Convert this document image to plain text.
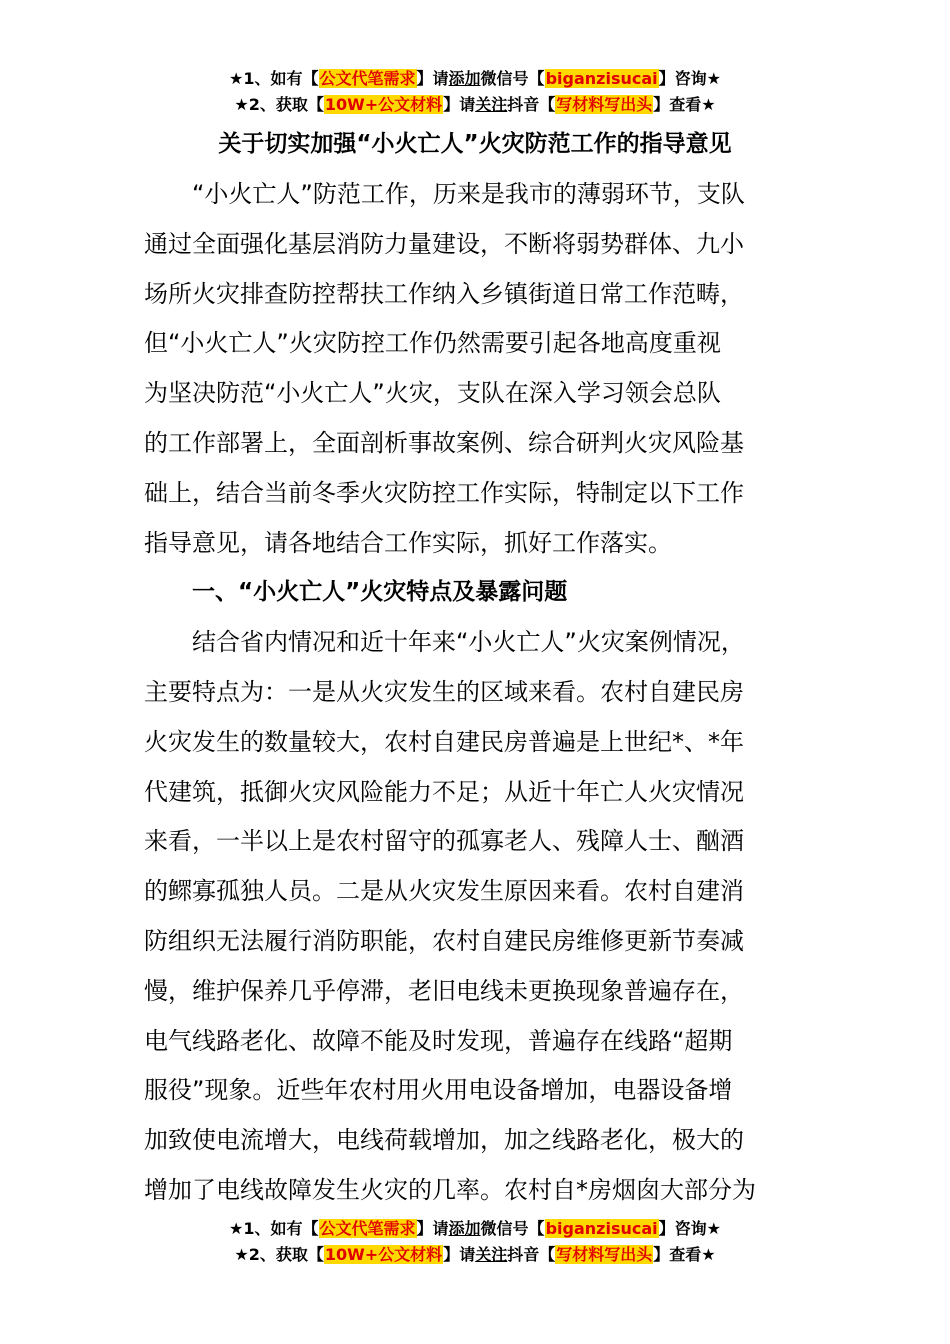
★1、如有【公文代笔需求】请添加微信号【biganzisucai】咨询★
★2、获取【10W+公文材料】请关注抖音【写材料写出头】查看★
关于切实加强“小火亡人”火灾防范工作的指导意见
“小火亡人”防范工作，历来是我市的薄弱环节，支队
通过全面强化基层消防力量建设，不断将弱势群体、九小
场所火灾排查防控帮扶工作纳入乡镇街道日常工作范畴，
但“小火亡人”火灾防控工作仍然需要引起各地高度重视
为坚决防范“小火亡人”火灾，支队在深入学习领会总队
的工作部署上，全面剖析事故案例、综合研判火灾风险基
础上，结合当前冬季火灾防控工作实际，特制定以下工作
指导意见，请各地结合工作实际，抓好工作落实。
一、“小火亡人”火灾特点及暴露问题
结合省内情况和近十年来“小火亡人”火灾案例情况，
主要特点为：一是从火灾发生的区域来看。农村自建民房
火灾发生的数量较大，农村自建民房普遍是上世纪*、*年
代建筑，抵御火灾风险能力不足；从近十年亡人火灾情况
来看，一半以上是农村留守的孤寡老人、残障人士、酗酒
的鳏寡孤独人员。二是从火灾发生原因来看。农村自建消
防组织无法履行消防职能，农村自建民房维修更新节奏减
慢，维护保养几乎停滞，老旧电线未更换现象普遍存在，
电气线路老化、故障不能及时发现，普遍存在线路“超期
服役”现象。近些年农村用火用电设备增加，电器设备增
加致使电流增大，电线荷载增加，加之线路老化，极大的
增加了电线故障发生火灾的几率。农村自*房烟囱大部分为
★1、如有【公文代笔需求】请添加微信号【biganzisucai】咨询★
★2、获取【10W+公文材料】请关注抖音【写材料写出头】查看★
